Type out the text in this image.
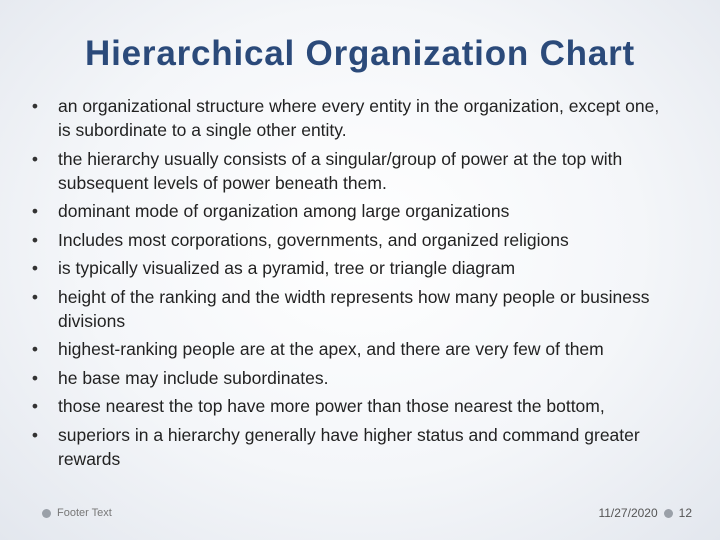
Hierarchical Organization Chart
• an organizational structure where every entity in the organization, except one, is subordinate to a single other entity.
• the hierarchy usually consists of a singular/group of power at the top with subsequent levels of power beneath them.
• dominant mode of organization among large organizations
• Includes most corporations, governments, and organized religions
• is typically visualized as a pyramid, tree or triangle diagram
• height of the ranking and the width represents how many people or business divisions
• highest-ranking people are at the apex, and there are very few of them
• he base may include subordinates.
• those nearest the top have more power than those nearest the bottom,
• superiors in a hierarchy generally have higher status and command greater rewards
Footer Text	11/27/2020 12
